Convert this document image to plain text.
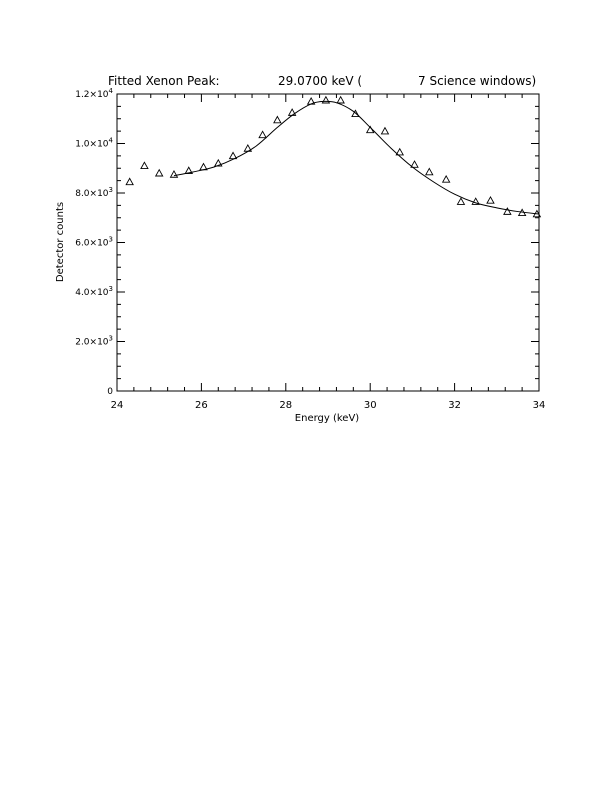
Fitted Xenon Peak:	29.0700 keV (	7 Science windows)
24	26	28	30	32	34
0
$2.0\times 10^3$
$4.0\times 10^3$
$6.0\times 10^3$
$8.0\times 10^3$
$1.0\times 10^4$
$1.2\times 10^4$
Energy (keV)
Detector counts
